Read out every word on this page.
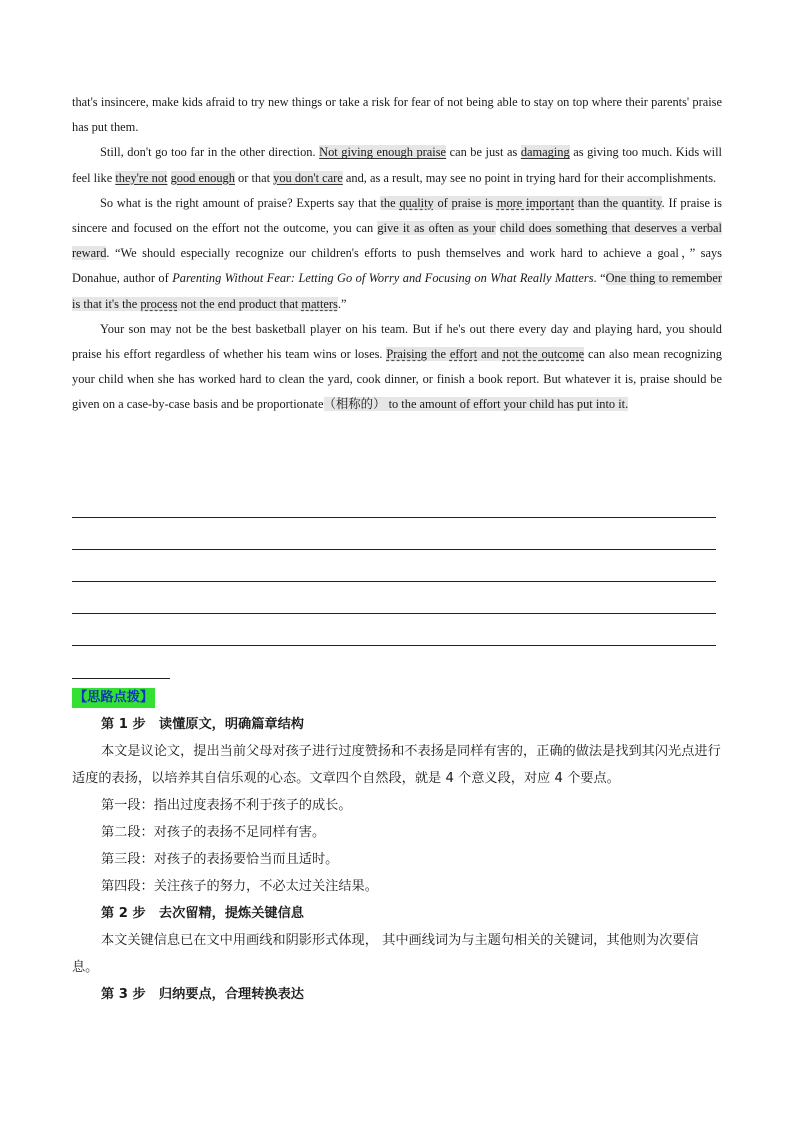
that's insincere, make kids afraid to try new things or take a risk for fear of not being able to stay on top where their parents' praise has put them.

Still, don't go too far in the other direction. Not giving enough praise can be just as damaging as giving too much. Kids will feel like they're not good enough or that you don't care and, as a result, may see no point in trying hard for their accomplishments.

So what is the right amount of praise? Experts say that the quality of praise is more important than the quantity. If praise is sincere and focused on the effort not the outcome, you can give it as often as your child does something that deserves a verbal reward. “We should especially recognize our children's efforts to push themselves and work hard to achieve a goal，” says Donahue, author of Parenting Without Fear: Letting Go of Worry and Focusing on What Really Matters. “One thing to remember is that it's the process not the end product that matters.”

Your son may not be the best basketball player on his team. But if he's out there every day and playing hard, you should praise his effort regardless of whether his team wins or loses. Praising the effort and not the outcome can also mean recognizing your child when she has worked hard to clean the yard, cook dinner, or finish a book report. But whatever it is, praise should be given on a case-by-case basis and be proportionate（相称的） to the amount of effort your child has put into it.

【思路点拨】

第 1 步　读懂原文，明确篇章结构

本文是议论文，提出当前父母对孩子进行过度赞扬和不表扬是同样有害的，正确的做法是找到其闪光点进行适度的表扬，以培养其自信乐观的心态。文章四个自然段，就是 4 个意义段，对应 4 个要点。

第一段：指出过度表扬不利于孩子的成长。

第二段：对孩子的表扬不足同样有害。

第三段：对孩子的表扬要恰当而且适时。

第四段：关注孩子的努力，不必太过关注结果。

第 2 步　去次留精，提炼关键信息

本文关键信息已在文中用画线和阴影形式体现， 其中画线词为与主题句相关的关键词，其他则为次要信息。

第 3 步　归纳要点，合理转换表达
